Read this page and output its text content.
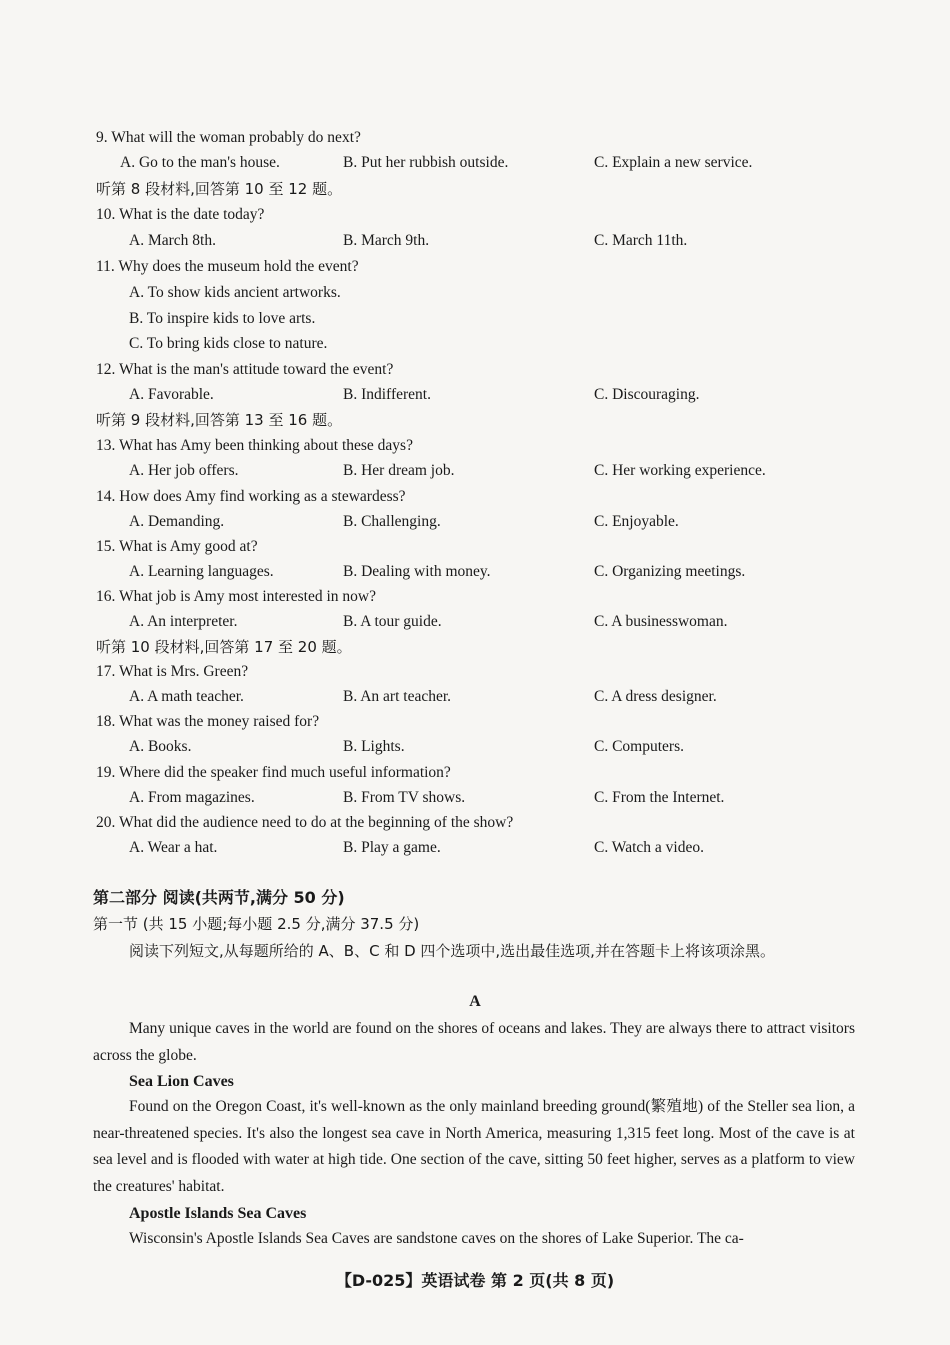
9. What will the woman probably do next?
A. Go to the man's house.	B. Put her rubbish outside.	C. Explain a new service.
听第 8 段材料,回答第 10 至 12 题。
10. What is the date today?
A. March 8th.	B. March 9th.	C. March 11th.
11. Why does the museum hold the event?
A. To show kids ancient artworks.
B. To inspire kids to love arts.
C. To bring kids close to nature.
12. What is the man's attitude toward the event?
A. Favorable.	B. Indifferent.	C. Discouraging.
听第 9 段材料,回答第 13 至 16 题。
13. What has Amy been thinking about these days?
A. Her job offers.	B. Her dream job.	C. Her working experience.
14. How does Amy find working as a stewardess?
A. Demanding.	B. Challenging.	C. Enjoyable.
15. What is Amy good at?
A. Learning languages.	B. Dealing with money.	C. Organizing meetings.
16. What job is Amy most interested in now?
A. An interpreter.	B. A tour guide.	C. A businesswoman.
听第 10 段材料,回答第 17 至 20 题。
17. What is Mrs. Green?
A. A math teacher.	B. An art teacher.	C. A dress designer.
18. What was the money raised for?
A. Books.	B. Lights.	C. Computers.
19. Where did the speaker find much useful information?
A. From magazines.	B. From TV shows.	C. From the Internet.
20. What did the audience need to do at the beginning of the show?
A. Wear a hat.	B. Play a game.	C. Watch a video.
第二部分 阅读(共两节,满分 50 分)
第一节 (共 15 小题;每小题 2.5 分,满分 37.5 分)
阅读下列短文,从每题所给的 A、B、C 和 D 四个选项中,选出最佳选项,并在答题卡上将该项涂黑。
A
Many unique caves in the world are found on the shores of oceans and lakes. They are always there to attract visitors across the globe.
Sea Lion Caves
Found on the Oregon Coast, it's well-known as the only mainland breeding ground(繁殖地) of the Steller sea lion, a near-threatened species. It's also the longest sea cave in North America, measuring 1,315 feet long. Most of the cave is at sea level and is flooded with water at high tide. One section of the cave, sitting 50 feet higher, serves as a platform to view the creatures' habitat.
Apostle Islands Sea Caves
Wisconsin's Apostle Islands Sea Caves are sandstone caves on the shores of Lake Superior. The ca-
【D-025】英语试卷 第 2 页(共 8 页)
